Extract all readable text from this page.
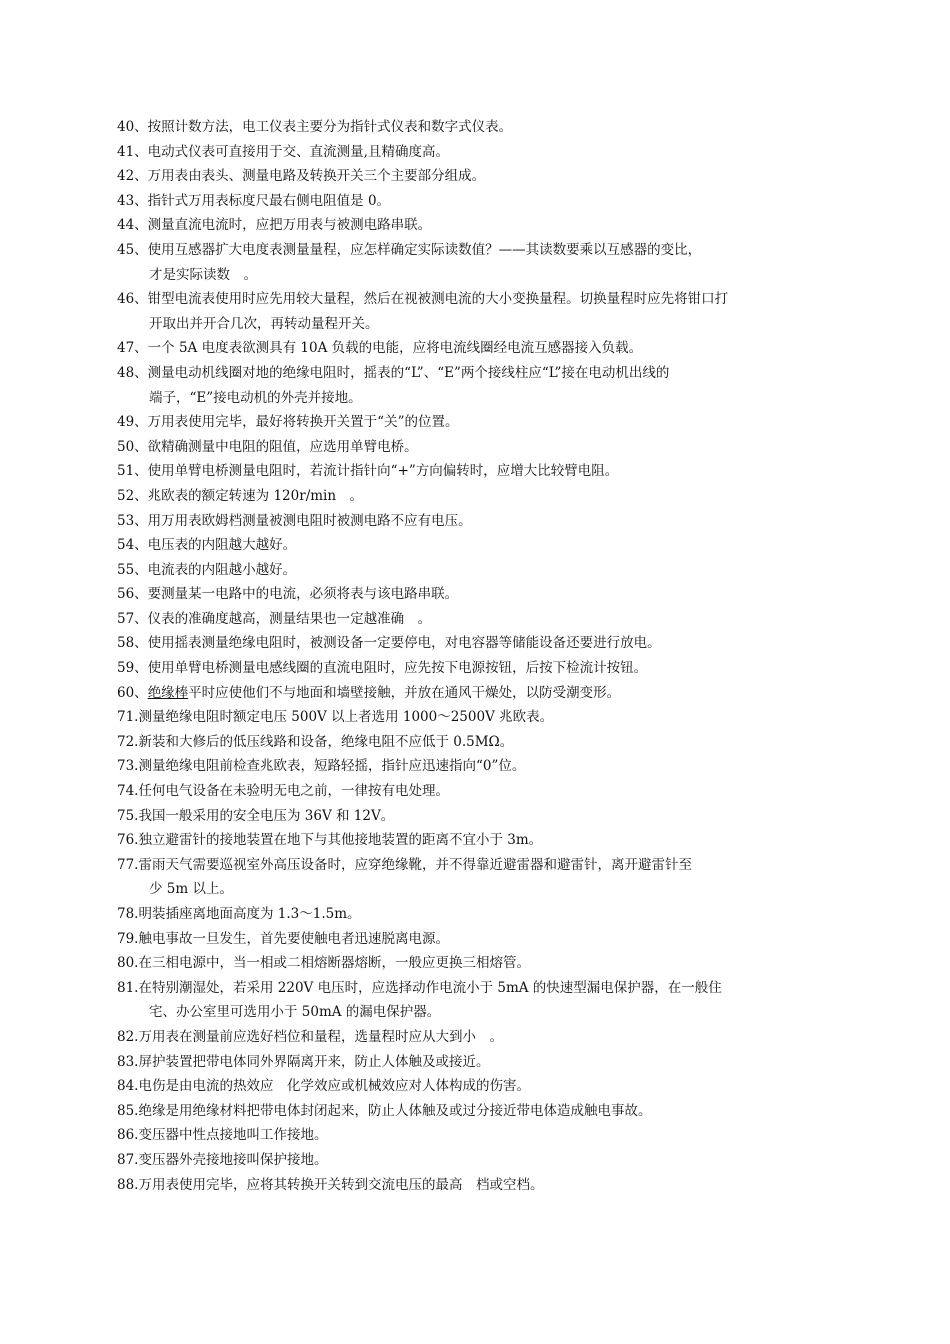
40、按照计数方法，电工仪表主要分为指针式仪表和数字式仪表。
41、电动式仪表可直接用于交、直流测量,且精确度高。
42、万用表由表头、测量电路及转换开关三个主要部分组成。
43、指针式万用表标度尺最右侧电阻值是 0。
44、测量直流电流时，应把万用表与被测电路串联。
45、使用互感器扩大电度表测量量程，应怎样确定实际读数值？——其读数要乘以互感器的变比，
才是实际读数　。
46、钳型电流表使用时应先用较大量程，然后在视被测电流的大小变换量程。切换量程时应先将钳口打
开取出并开合几次，再转动量程开关。
47、一个 5A 电度表欲测具有 10A 负载的电能，应将电流线圈经电流互感器接入负载。
48、测量电动机线圈对地的绝缘电阻时，摇表的“L”、“E”两个接线柱应“L”接在电动机出线的
端子，“E”接电动机的外壳并接地。
49、万用表使用完毕，最好将转换开关置于“关”的位置。
50、欲精确测量中电阻的阻值，应选用单臂电桥。
51、使用单臂电桥测量电阻时，若流计指针向“+”方向偏转时，应增大比较臂电阻。
52、兆欧表的额定转速为 120r/min　。
53、用万用表欧姆档测量被测电阻时被测电路不应有电压。
54、电压表的内阻越大越好。
55、电流表的内阻越小越好。
56、要测量某一电路中的电流，必须将表与该电路串联。
57、仪表的准确度越高，测量结果也一定越准确　。
58、使用摇表测量绝缘电阻时，被测设备一定要停电，对电容器等储能设备还要进行放电。
59、使用单臂电桥测量电感线圈的直流电阻时，应先按下电源按钮，后按下检流计按钮。
60、绝缘棒平时应使他们不与地面和墙壁接触，并放在通风干燥处，以防受潮变形。
71.测量绝缘电阻时额定电压 500V 以上者选用 1000～2500V 兆欧表。
72.新装和大修后的低压线路和设备，绝缘电阻不应低于 0.5MΩ。
73.测量绝缘电阻前检查兆欧表，短路轻摇，指针应迅速指向“0”位。
74.任何电气设备在未验明无电之前，一律按有电处理。
75.我国一般采用的安全电压为 36V 和 12V。
76.独立避雷针的接地装置在地下与其他接地装置的距离不宜小于 3m。
77.雷雨天气需要巡视室外高压设备时，应穿绝缘靴，并不得靠近避雷器和避雷针，离开避雷针至
少 5m 以上。
78.明装插座离地面高度为 1.3～1.5m。
79.触电事故一旦发生，首先要使触电者迅速脱离电源。
80.在三相电源中，当一相或二相熔断器熔断，一般应更换三相熔管。
81.在特别潮湿处，若采用 220V 电压时，应选择动作电流小于 5mA 的快速型漏电保护器，在一般住
宅、办公室里可选用小于 50mA 的漏电保护器。
82.万用表在测量前应选好档位和量程，选量程时应从大到小　。
83.屏护装置把带电体同外界隔离开来，防止人体触及或接近。
84.电伤是由电流的热效应　化学效应或机械效应对人体构成的伤害。
85.绝缘是用绝缘材料把带电体封闭起来，防止人体触及或过分接近带电体造成触电事故。
86.变压器中性点接地叫工作接地。
87.变压器外壳接地接叫保护接地。
88.万用表使用完毕，应将其转换开关转到交流电压的最高　档或空档。
